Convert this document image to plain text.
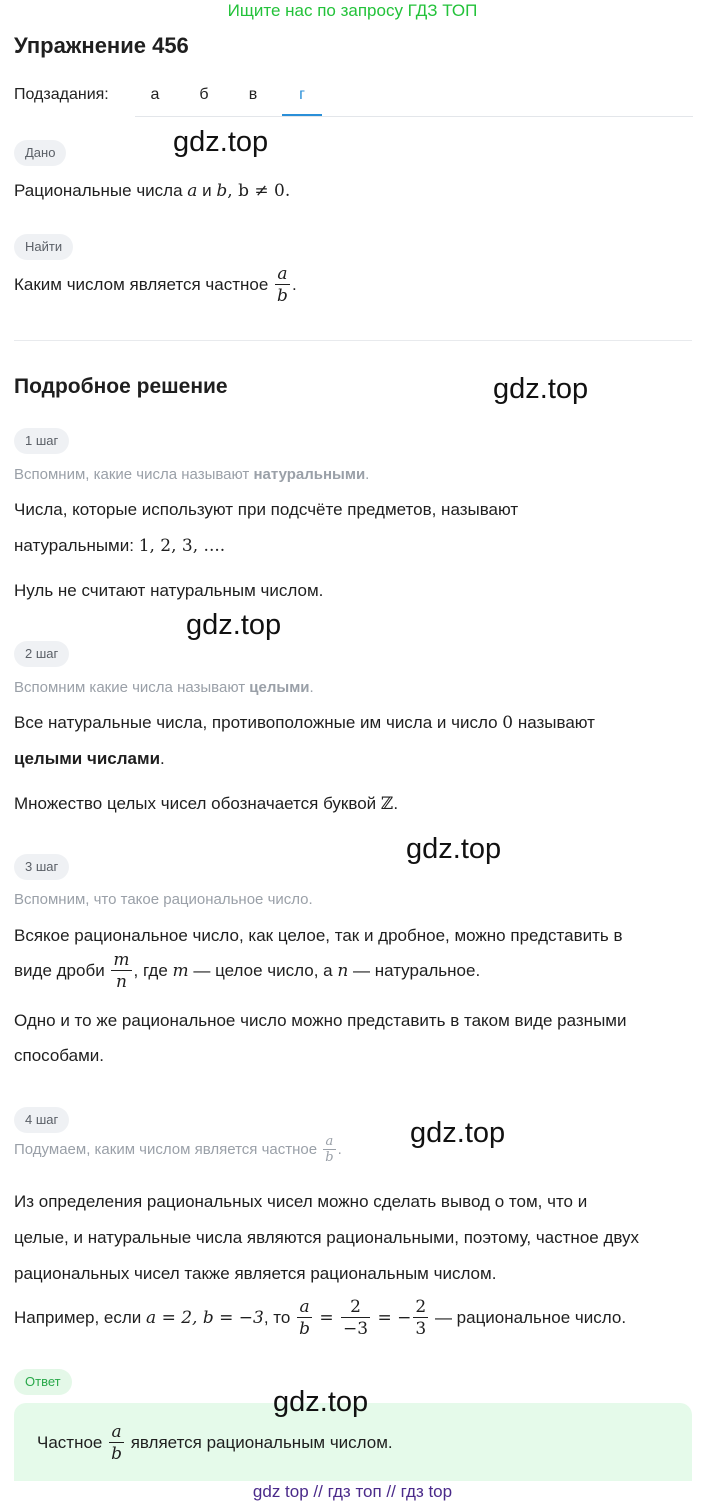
Ищите нас по запросу ГДЗ ТОП
Упражнение 456
Подзадания:	а	б	в	г
Дано	gdz.top
Рациональные числа a и b, b ≠ 0.
Найти
Каким числом является частное $\frac{a}{b}$ .
Подробное решение	gdz.top
1 шаг
Вспомним, какие числа называют натуральными.
Числа, которые используют при подсчёте предметов, называют
натуральными: 1, 2, 3, ....
Нуль не считают натуральным числом.
gdz.top
2 шаг
Вспомним какие числа называют целыми.
Все натуральные числа, противоположные им числа и число 0 называют
целыми числами.
Множество целых чисел обозначается буквой ℤ.
gdz.top
3 шаг
Вспомним, что такое рациональное число.
Всякое рациональное число, как целое, так и дробное, можно представить в
виде дроби $\frac{m}{n}$ , где m — целое число, а n — натуральное.
Одно и то же рациональное число можно представить в таком виде разными
способами.
4 шаг	gdz.top
Подумаем, каким числом является частное $\frac{a}{b}$ .
Из определения рациональных чисел можно сделать вывод о том, что и
целые, и натуральные числа являются рациональными, поэтому, частное двух
рациональных чисел также является рациональным числом.
Например, если a = 2, b = −3, то $\frac{a}{b} = \frac{2}{-3}$ = − $\frac{2}{3}$ — рациональное число.
Ответ
gdz.top
Частное $\frac{a}{b}$ является рациональным числом.
gdz top // гдз топ // гдз top
